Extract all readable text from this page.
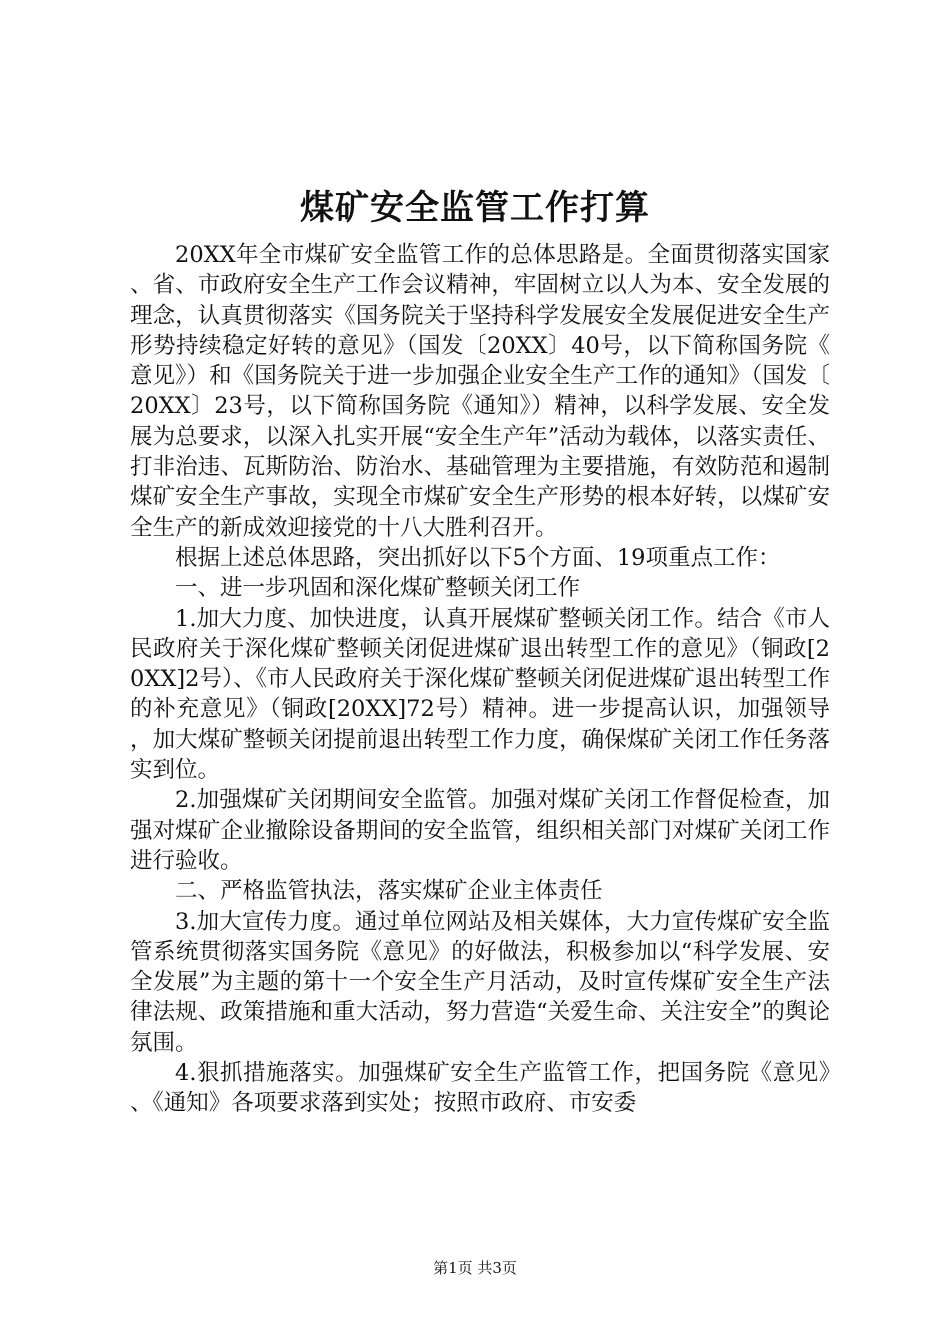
煤矿安全监管工作打算

20XX年全市煤矿安全监管工作的总体思路是。全面贯彻落实国家、省、市政府安全生产工作会议精神，牢固树立以人为本、安全发展的理念，认真贯彻落实《国务院关于坚持科学发展安全发展促进安全生产形势持续稳定好转的意见》（国发〔20XX〕40号，以下简称国务院《意见》）和《国务院关于进一步加强企业安全生产工作的通知》（国发〔20XX〕23号，以下简称国务院《通知》）精神，以科学发展、安全发展为总要求，以深入扎实开展“安全生产年”活动为载体，以落实责任、打非治违、瓦斯防治、防治水、基础管理为主要措施，有效防范和遏制煤矿安全生产事故，实现全市煤矿安全生产形势的根本好转，以煤矿安全生产的新成效迎接党的十八大胜利召开。

根据上述总体思路，突出抓好以下5个方面、19项重点工作：

一、进一步巩固和深化煤矿整顿关闭工作

1.加大力度、加快进度，认真开展煤矿整顿关闭工作。结合《市人民政府关于深化煤矿整顿关闭促进煤矿退出转型工作的意见》（铜政[20XX]2号）、《市人民政府关于深化煤矿整顿关闭促进煤矿退出转型工作的补充意见》（铜政[20XX]72号）精神。进一步提高认识，加强领导，加大煤矿整顿关闭提前退出转型工作力度，确保煤矿关闭工作任务落实到位。

2.加强煤矿关闭期间安全监管。加强对煤矿关闭工作督促检查，加强对煤矿企业撤除设备期间的安全监管，组织相关部门对煤矿关闭工作进行验收。

二、严格监管执法，落实煤矿企业主体责任

3.加大宣传力度。通过单位网站及相关媒体，大力宣传煤矿安全监管系统贯彻落实国务院《意见》的好做法，积极参加以“科学发展、安全发展”为主题的第十一个安全生产月活动，及时宣传煤矿安全生产法律法规、政策措施和重大活动，努力营造“关爱生命、关注安全”的舆论氛围。

4.狠抓措施落实。加强煤矿安全生产监管工作，把国务院《意见》、《通知》各项要求落到实处；按照市政府、市安委

第1页 共3页
